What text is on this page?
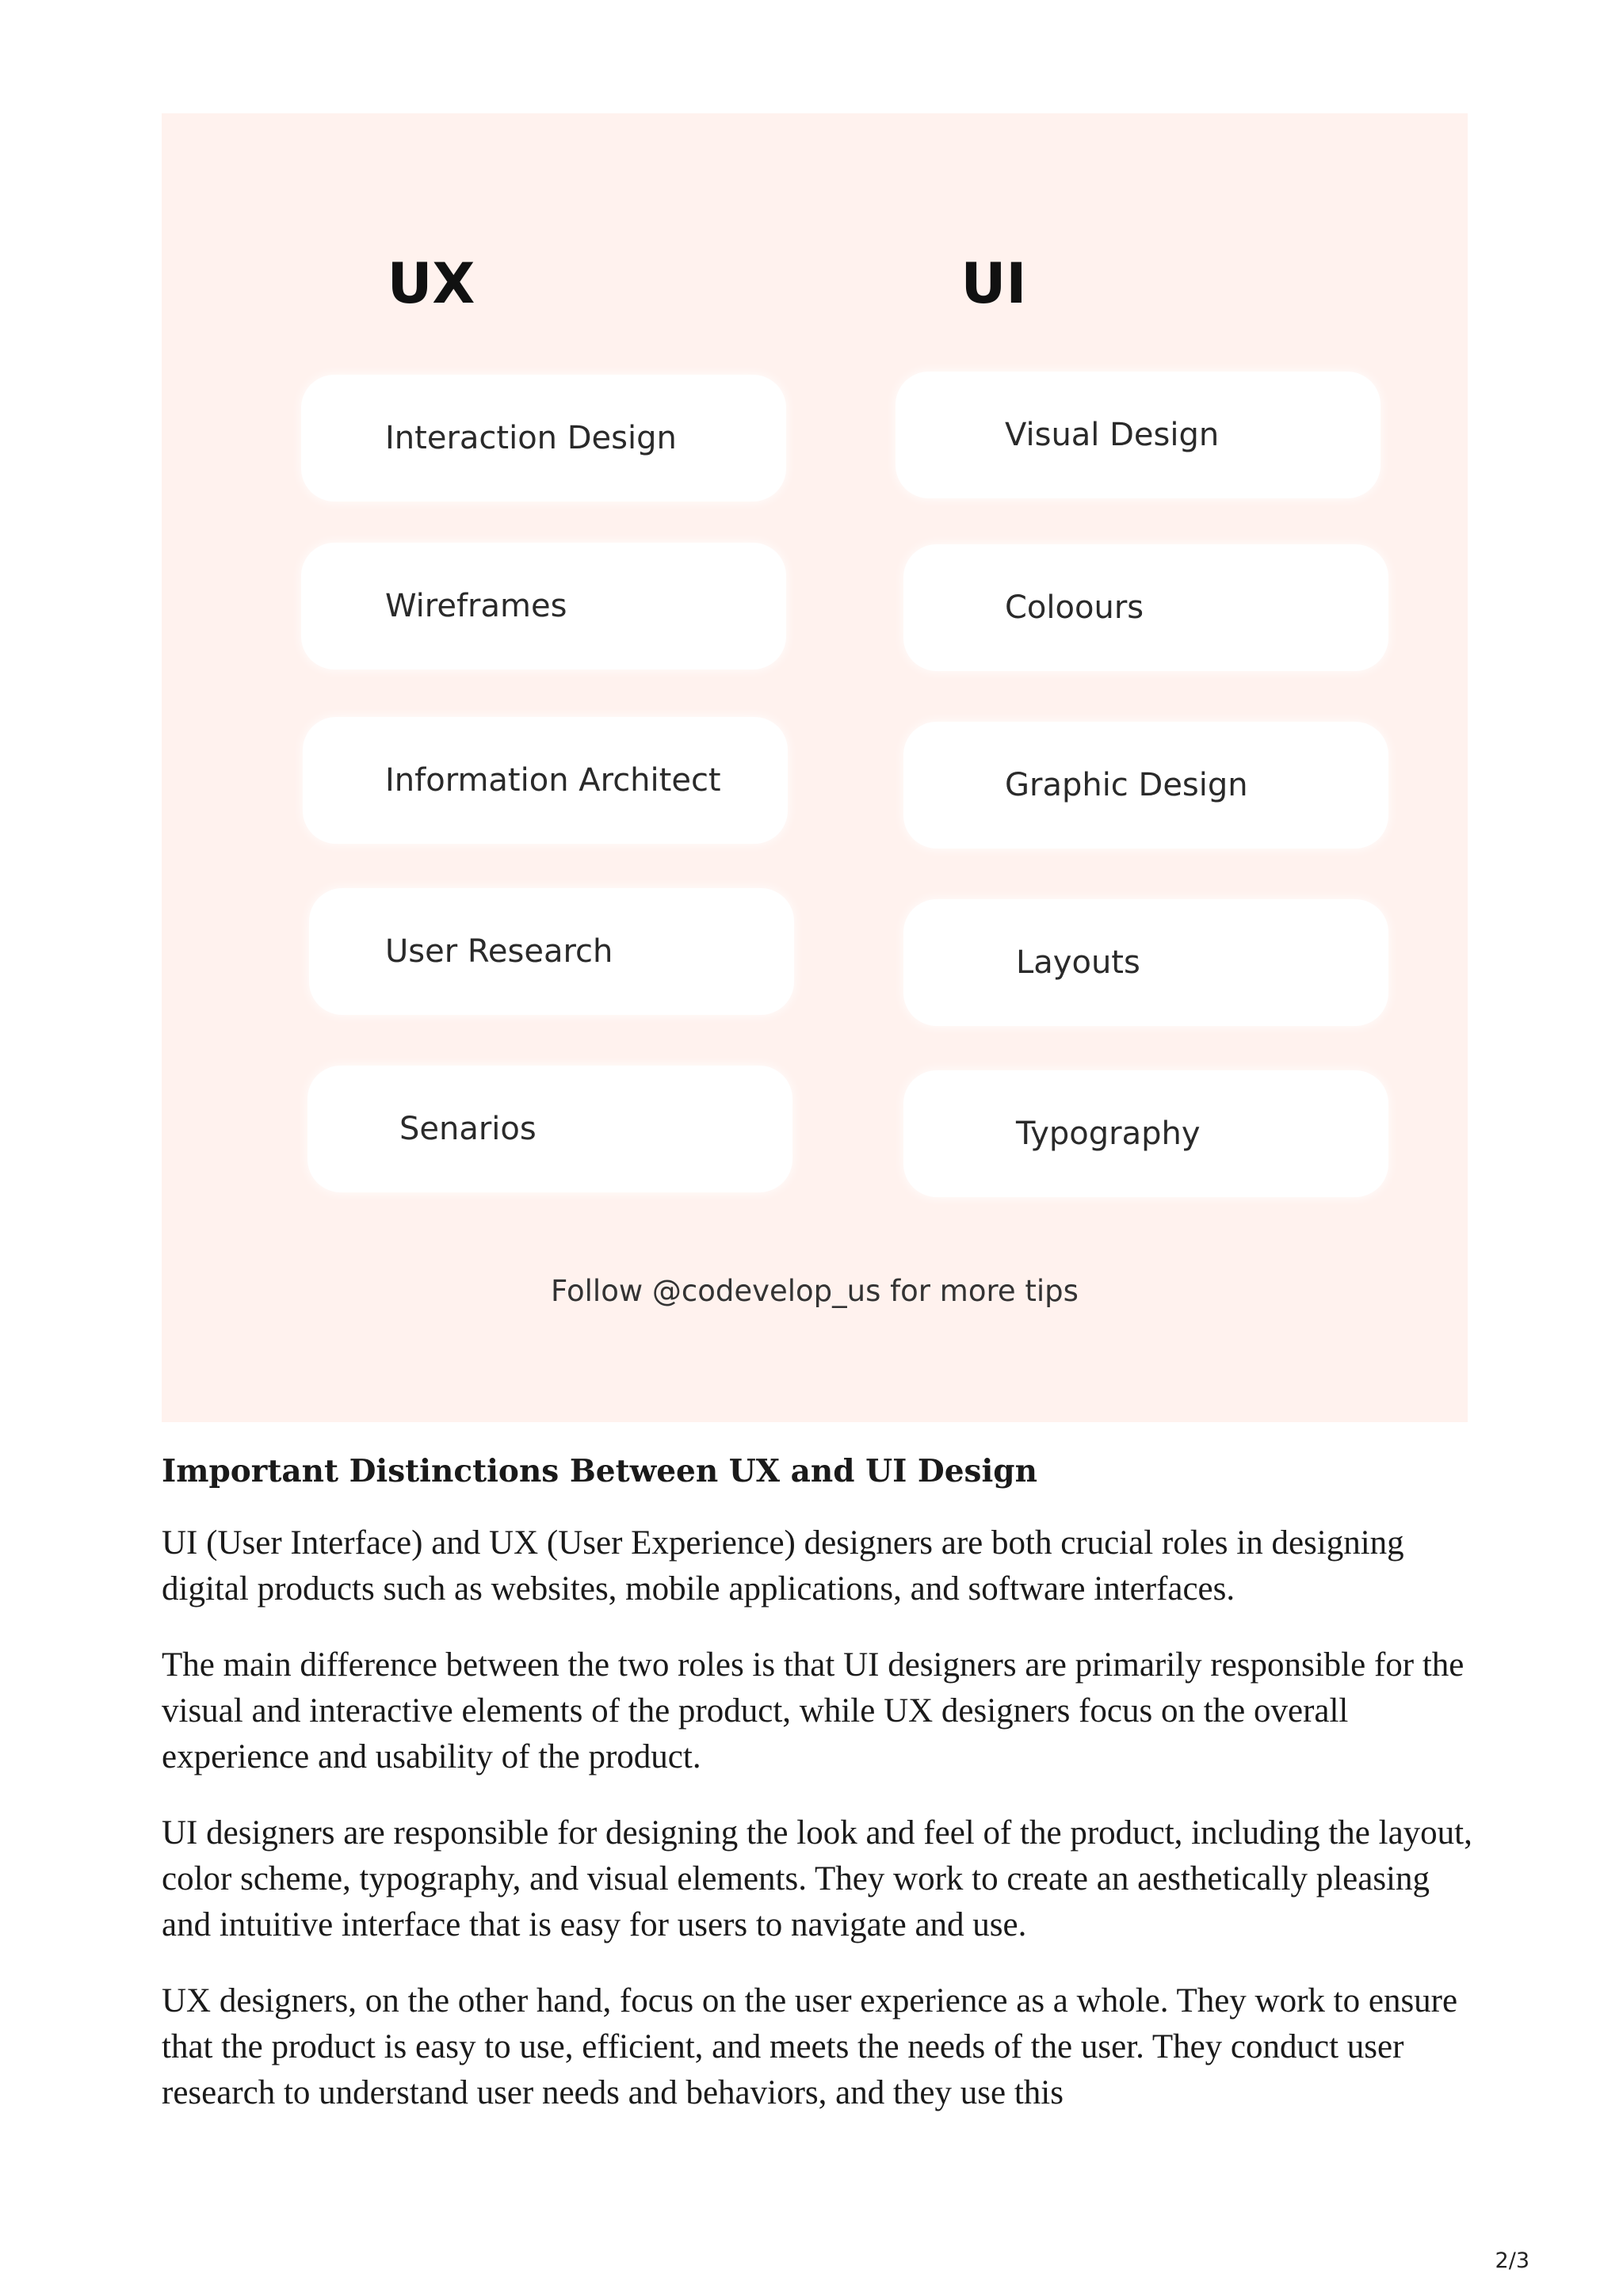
UX	UI
Interaction Design
Wireframes
Information Architect
User Research
Senarios
Visual Design
Coloours
Graphic Design
Layouts
Typography
Follow @codevelop_us for more tips
Important Distinctions Between UX and UI Design

UI (User Interface) and UX (User Experience) designers are both crucial roles in designing digital products such as websites, mobile applications, and software interfaces.

The main difference between the two roles is that UI designers are primarily responsible for the visual and interactive elements of the product, while UX designers focus on the overall experience and usability of the product.

UI designers are responsible for designing the look and feel of the product, including the layout, color scheme, typography, and visual elements. They work to create an aesthetically pleasing and intuitive interface that is easy for users to navigate and use.

UX designers, on the other hand, focus on the user experience as a whole. They work to ensure that the product is easy to use, efficient, and meets the needs of the user. They conduct user research to understand user needs and behaviors, and they use this

2/3
